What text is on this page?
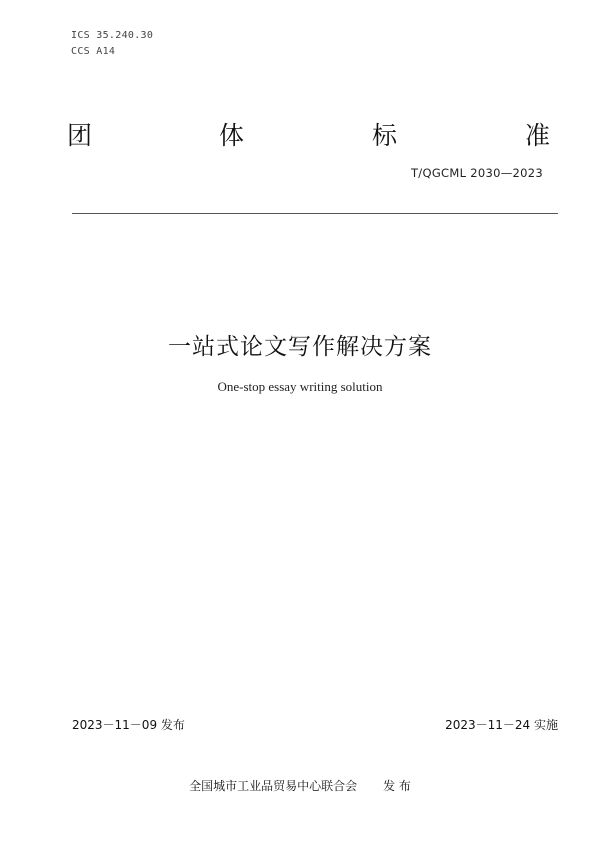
ICS 35.240.30
CCS A14
团	体	标	准
T/QGCML 2030—2023
一站式论文写作解决方案
One-stop essay writing solution
2023－11－09 发布	2023－11－24 实施
全国城市工业品贸易中心联合会 发 布
